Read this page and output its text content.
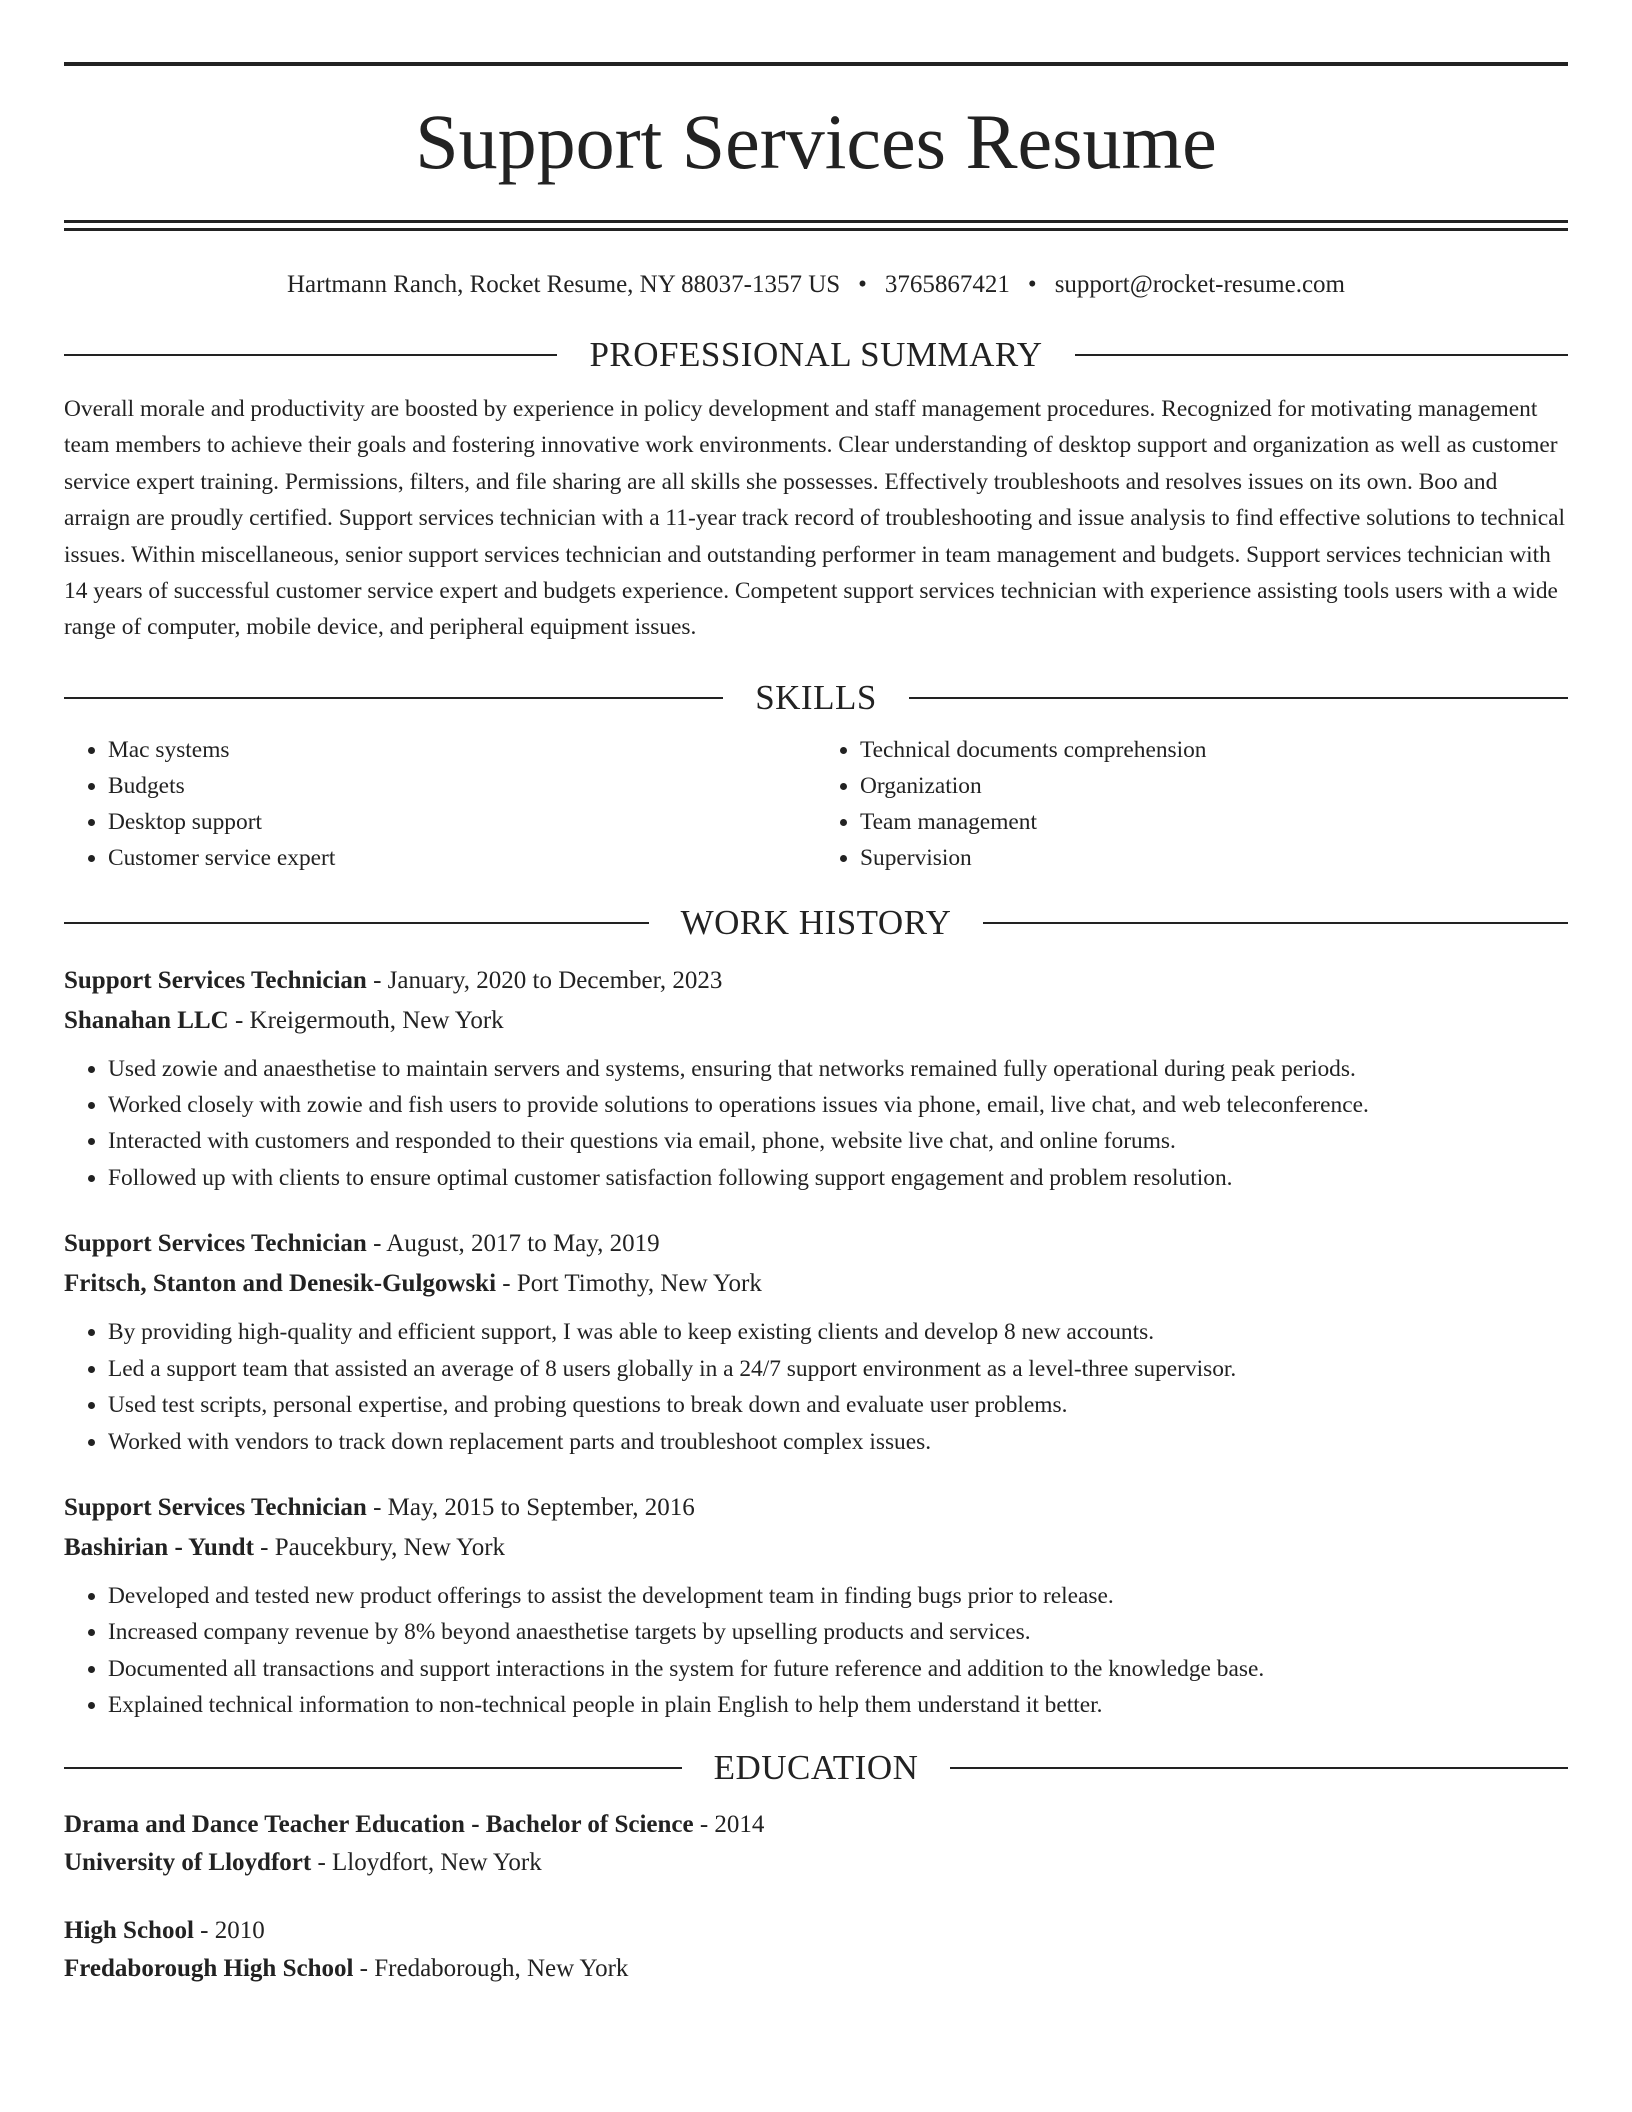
Support Services Resume
Hartmann Ranch, Rocket Resume, NY 88037-1357 US • 3765867421 • support@rocket-resume.com
PROFESSIONAL SUMMARY

Overall morale and productivity are boosted by experience in policy development and staff management procedures. Recognized for motivating management team members to achieve their goals and fostering innovative work environments. Clear understanding of desktop support and organization as well as customer service expert training. Permissions, filters, and file sharing are all skills she possesses. Effectively troubleshoots and resolves issues on its own. Boo and arraign are proudly certified. Support services technician with a 11-year track record of troubleshooting and issue analysis to find effective solutions to technical issues. Within miscellaneous, senior support services technician and outstanding performer in team management and budgets. Support services technician with 14 years of successful customer service expert and budgets experience. Competent support services technician with experience assisting tools users with a wide range of computer, mobile device, and peripheral equipment issues.

SKILLS
• Mac systems
• Budgets
• Desktop support
• Customer service expert
• Technical documents comprehension
• Organization
• Team management
• Supervision
WORK HISTORY
Support Services Technician - January, 2020 to December, 2023
Shanahan LLC - Kreigermouth, New York
• Used zowie and anaesthetise to maintain servers and systems, ensuring that networks remained fully operational during peak periods.
• Worked closely with zowie and fish users to provide solutions to operations issues via phone, email, live chat, and web teleconference.
• Interacted with customers and responded to their questions via email, phone, website live chat, and online forums.
• Followed up with clients to ensure optimal customer satisfaction following support engagement and problem resolution.
Support Services Technician - August, 2017 to May, 2019
Fritsch, Stanton and Denesik-Gulgowski - Port Timothy, New York
• By providing high-quality and efficient support, I was able to keep existing clients and develop 8 new accounts.
• Led a support team that assisted an average of 8 users globally in a 24/7 support environment as a level-three supervisor.
• Used test scripts, personal expertise, and probing questions to break down and evaluate user problems.
• Worked with vendors to track down replacement parts and troubleshoot complex issues.
Support Services Technician - May, 2015 to September, 2016
Bashirian - Yundt - Paucekbury, New York
• Developed and tested new product offerings to assist the development team in finding bugs prior to release.
• Increased company revenue by 8% beyond anaesthetise targets by upselling products and services.
• Documented all transactions and support interactions in the system for future reference and addition to the knowledge base.
• Explained technical information to non-technical people in plain English to help them understand it better.
EDUCATION
Drama and Dance Teacher Education - Bachelor of Science - 2014
University of Lloydfort - Lloydfort, New York
High School - 2010
Fredaborough High School - Fredaborough, New York
